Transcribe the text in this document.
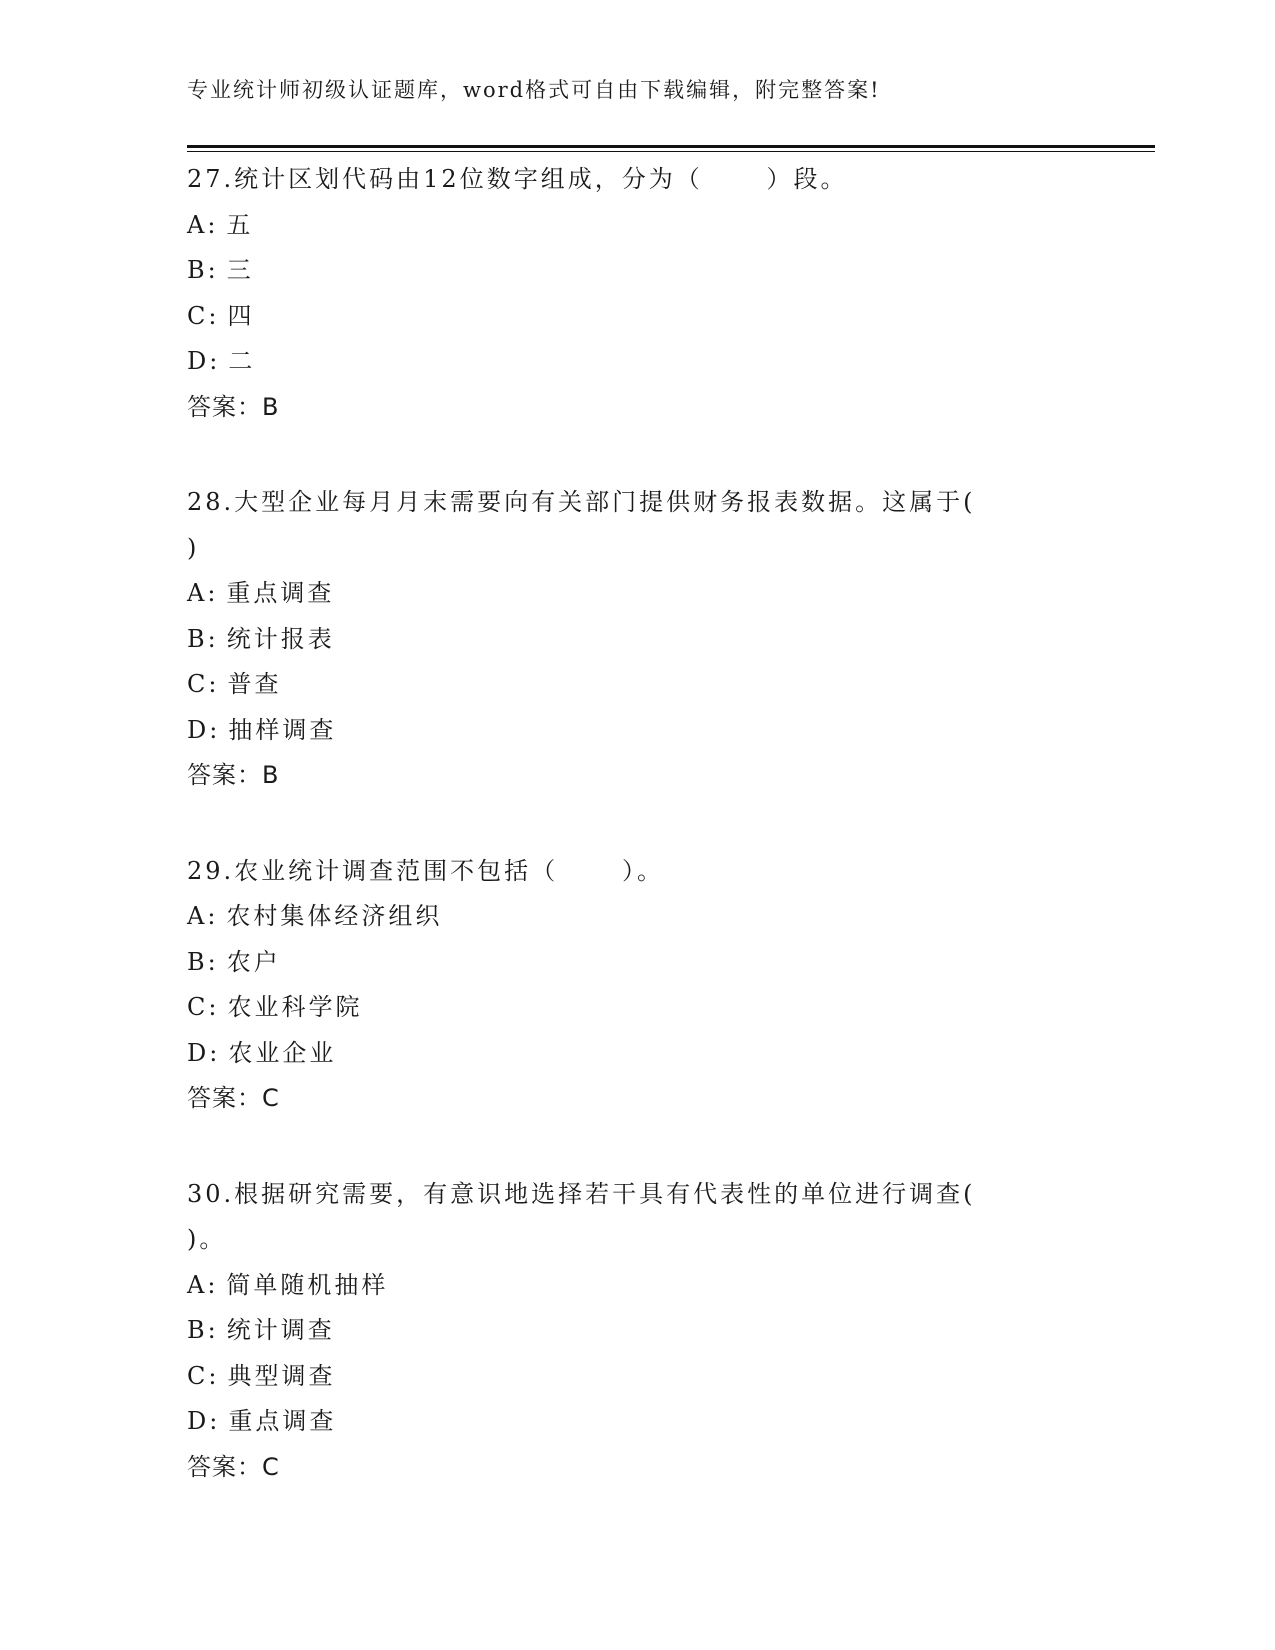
专业统计师初级认证题库，word格式可自由下载编辑，附完整答案!
27.统计区划代码由12位数字组成，分为（      ）段。
A: 五
B: 三
C: 四
D: 二
答案：B
28.大型企业每月月末需要向有关部门提供财务报表数据。这属于(
)
A: 重点调查
B: 统计报表
C: 普查
D: 抽样调查
答案：B
29.农业统计调查范围不包括（      ）。
A: 农村集体经济组织
B: 农户
C: 农业科学院
D: 农业企业
答案：C
30.根据研究需要，有意识地选择若干具有代表性的单位进行调查(
)。
A: 简单随机抽样
B: 统计调查
C: 典型调查
D: 重点调查
答案：C
